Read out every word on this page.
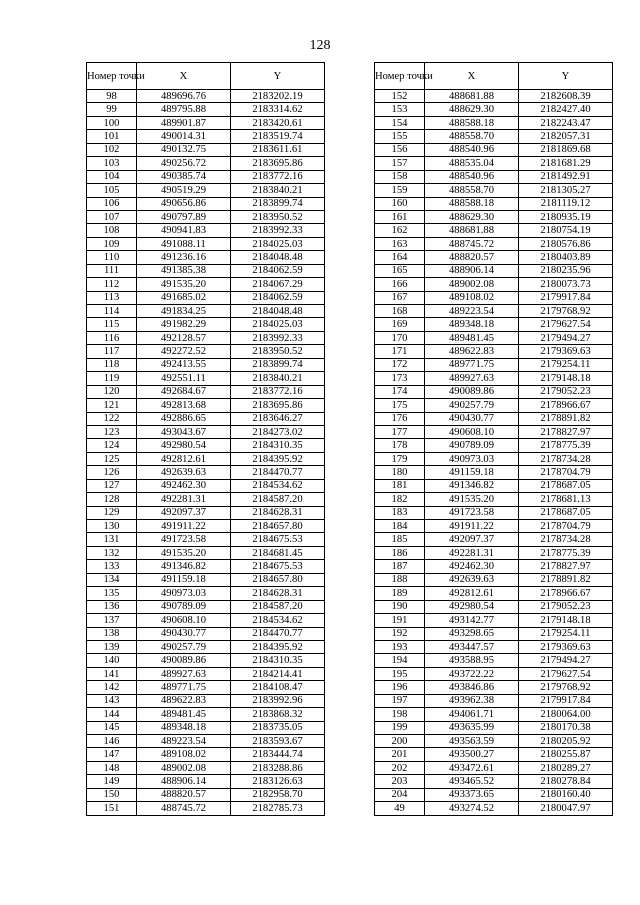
128
Номер точки	X	Y
98	489696.76	2183202.19
99	489795.88	2183314.62
100	489901.87	2183420.61
101	490014.31	2183519.74
102	490132.75	2183611.61
103	490256.72	2183695.86
104	490385.74	2183772.16
105	490519.29	2183840.21
106	490656.86	2183899.74
107	490797.89	2183950.52
108	490941.83	2183992.33
109	491088.11	2184025.03
110	491236.16	2184048.48
111	491385.38	2184062.59
112	491535.20	2184067.29
113	491685.02	2184062.59
114	491834.25	2184048.48
115	491982.29	2184025.03
116	492128.57	2183992.33
117	492272.52	2183950.52
118	492413.55	2183899.74
119	492551.11	2183840.21
120	492684.67	2183772.16
121	492813.68	2183695.86
122	492886.65	2183646.27
123	493043.67	2184273.02
124	492980.54	2184310.35
125	492812.61	2184395.92
126	492639.63	2184470.77
127	492462.30	2184534.62
128	492281.31	2184587.20
129	492097.37	2184628.31
130	491911.22	2184657.80
131	491723.58	2184675.53
132	491535.20	2184681.45
133	491346.82	2184675.53
134	491159.18	2184657.80
135	490973.03	2184628.31
136	490789.09	2184587.20
137	490608.10	2184534.62
138	490430.77	2184470.77
139	490257.79	2184395.92
140	490089.86	2184310.35
141	489927.63	2184214.41
142	489771.75	2184108.47
143	489622.83	2183992.96
144	489481.45	2183868.32
145	489348.18	2183735.05
146	489223.54	2183593.67
147	489108.02	2183444.74
148	489002.08	2183288.86
149	488906.14	2183126.63
150	488820.57	2182958.70
151	488745.72	2182785.73
Номер точки	X	Y
152	488681.88	2182608.39
153	488629.30	2182427.40
154	488588.18	2182243.47
155	488558.70	2182057.31
156	488540.96	2181869.68
157	488535.04	2181681.29
158	488540.96	2181492.91
159	488558.70	2181305.27
160	488588.18	2181119.12
161	488629.30	2180935.19
162	488681.88	2180754.19
163	488745.72	2180576.86
164	488820.57	2180403.89
165	488906.14	2180235.96
166	489002.08	2180073.73
167	489108.02	2179917.84
168	489223.54	2179768.92
169	489348.18	2179627.54
170	489481.45	2179494.27
171	489622.83	2179369.63
172	489771.75	2179254.11
173	489927.63	2179148.18
174	490089.86	2179052.23
175	490257.79	2178966.67
176	490430.77	2178891.82
177	490608.10	2178827.97
178	490789.09	2178775.39
179	490973.03	2178734.28
180	491159.18	2178704.79
181	491346.82	2178687.05
182	491535.20	2178681.13
183	491723.58	2178687.05
184	491911.22	2178704.79
185	492097.37	2178734.28
186	492281.31	2178775.39
187	492462.30	2178827.97
188	492639.63	2178891.82
189	492812.61	2178966.67
190	492980.54	2179052.23
191	493142.77	2179148.18
192	493298.65	2179254.11
193	493447.57	2179369.63
194	493588.95	2179494.27
195	493722.22	2179627.54
196	493846.86	2179768.92
197	493962.38	2179917.84
198	494061.71	2180064.00
199	493635.99	2180170.38
200	493563.59	2180205.92
201	493500.27	2180255.87
202	493472.61	2180289.27
203	493465.52	2180278.84
204	493373.65	2180160.40
49	493274.52	2180047.97
